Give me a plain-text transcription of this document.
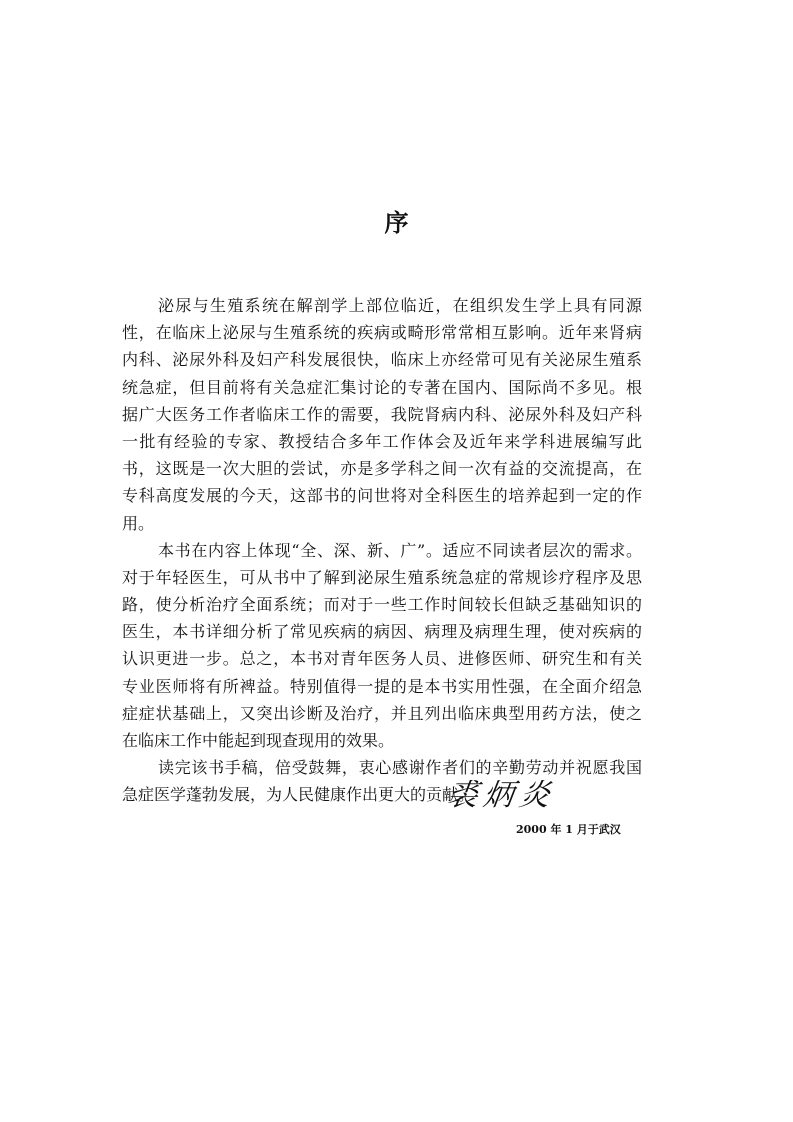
序
泌尿与生殖系统在解剖学上部位临近，在组织发生学上具有同源
性，在临床上泌尿与生殖系统的疾病或畸形常常相互影响。近年来肾病
内科、泌尿外科及妇产科发展很快，临床上亦经常可见有关泌尿生殖系
统急症，但目前将有关急症汇集讨论的专著在国内、国际尚不多见。根
据广大医务工作者临床工作的需要，我院肾病内科、泌尿外科及妇产科
一批有经验的专家、教授结合多年工作体会及近年来学科进展编写此
书，这既是一次大胆的尝试，亦是多学科之间一次有益的交流提高，在
专科高度发展的今天，这部书的问世将对全科医生的培养起到一定的作
用。
本书在内容上体现“全、深、新、广”。适应不同读者层次的需求。
对于年轻医生，可从书中了解到泌尿生殖系统急症的常规诊疗程序及思
路，使分析治疗全面系统；而对于一些工作时间较长但缺乏基础知识的
医生，本书详细分析了常见疾病的病因、病理及病理生理，使对疾病的
认识更进一步。总之，本书对青年医务人员、进修医师、研究生和有关
专业医师将有所裨益。特别值得一提的是本书实用性强，在全面介绍急
症症状基础上，又突出诊断及治疗，并且列出临床典型用药方法，使之
在临床工作中能起到现查现用的效果。
读完该书手稿，倍受鼓舞，衷心感谢作者们的辛勤劳动并祝愿我国
急症医学蓬勃发展，为人民健康作出更大的贡献。
裘炳炎
2000 年 1 月于武汉
